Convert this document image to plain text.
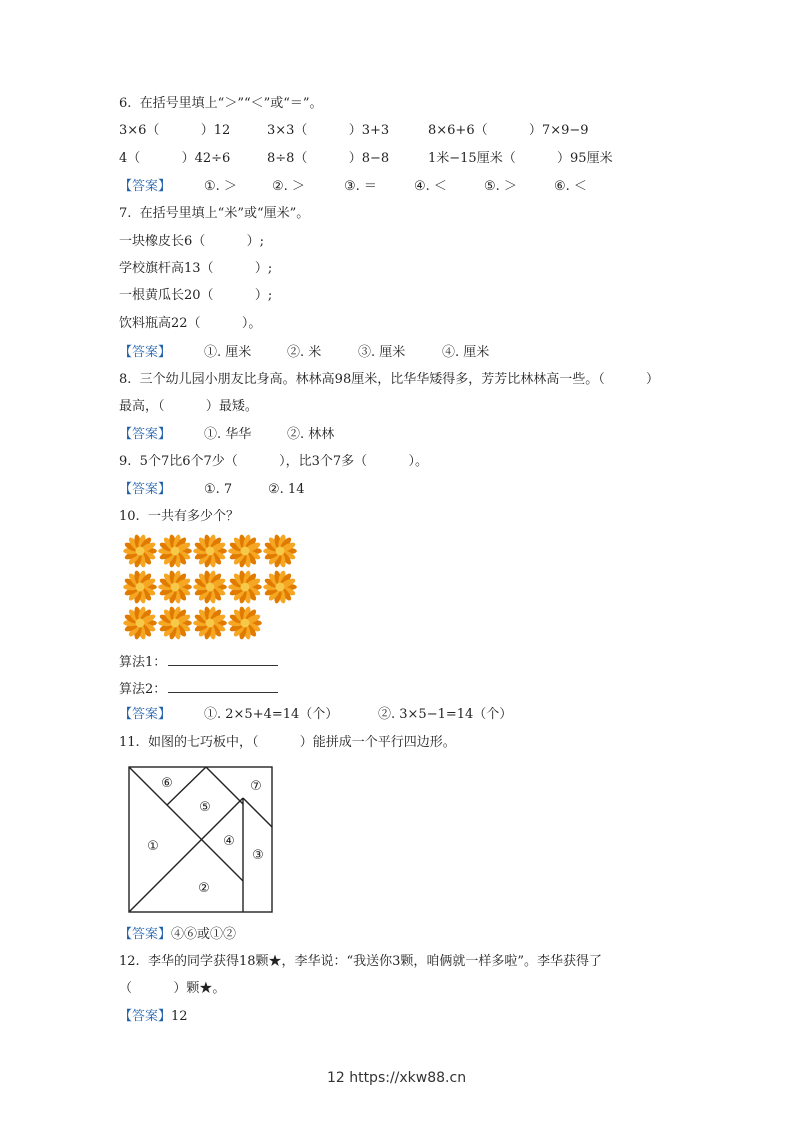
6.  在括号里填上“＞”“＜”或“＝”。
3×6（          ）12	3×3（          ）3+3	8×6+6（          ）7×9−9
4（          ）42÷6	8÷8（          ）8−8	1米−15厘米（          ）95厘米
【答案】	①. ＞	②. ＞	③. ＝	④. ＜	⑤. ＞	⑥. ＜
7.  在括号里填上“米”或“厘米”。
一块橡皮长6（          ）;
学校旗杆高13（          ）;
一根黄瓜长20（          ）;
饮料瓶高22（          ）。
【答案】	①. 厘米	②. 米	③. 厘米	④. 厘米
8.  三个幼儿园小朋友比身高。林林高98厘米，比华华矮得多，芳芳比林林高一些。（          ）
最高，（          ）最矮。
【答案】	①. 华华	②. 林林
9.  5个7比6个7少（          ），比3个7多（          ）。
【答案】	①. 7	②. 14
10.  一共有多少个？
算法1：
算法2：
【答案】	①. 2×5+4=14（个）	②. 3×5−1=14（个）
11.  如图的七巧板中，（          ）能拼成一个平行四边形。
①
②
③
④
⑤
⑥	⑦
【答案】④⑥或①②
12.  李华的同学获得18颗★，李华说：“我送你3颗，咱俩就一样多啦”。李华获得了
（          ）颗★。
【答案】12
12 https://xkw88.cn
